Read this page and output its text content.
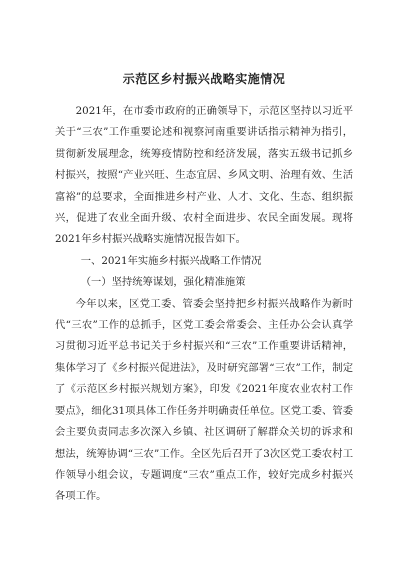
示范区乡村振兴战略实施情况

2021年，在市委市政府的正确领导下，示范区坚持以习近平关于“三农”工作重要论述和视察河南重要讲话指示精神为指引，贯彻新发展理念，统筹疫情防控和经济发展，落实五级书记抓乡村振兴，按照“产业兴旺、生态宜居、乡风文明、治理有效、生活富裕”的总要求，全面推进乡村产业、人才、文化、生态、组织振兴，促进了农业全面升级、农村全面进步、农民全面发展。现将2021年乡村振兴战略实施情况报告如下。

一、2021年实施乡村振兴战略工作情况
（一）坚持统筹谋划，强化精准施策

今年以来，区党工委、管委会坚持把乡村振兴战略作为新时代“三农”工作的总抓手，区党工委会常委会、主任办公会认真学习贯彻习近平总书记关于乡村振兴和“三农”工作重要讲话精神，集体学习了《乡村振兴促进法》，及时研究部署“三农”工作，制定了《示范区乡村振兴规划方案》，印发《2021年度农业农村工作要点》，细化31项具体工作任务并明确责任单位。区党工委、管委会主要负责同志多次深入乡镇、社区调研了解群众关切的诉求和想法，统筹协调“三农”工作。全区先后召开了3次区党工委农村工作领导小组会议，专题调度“三农”重点工作，较好完成乡村振兴各项工作。
